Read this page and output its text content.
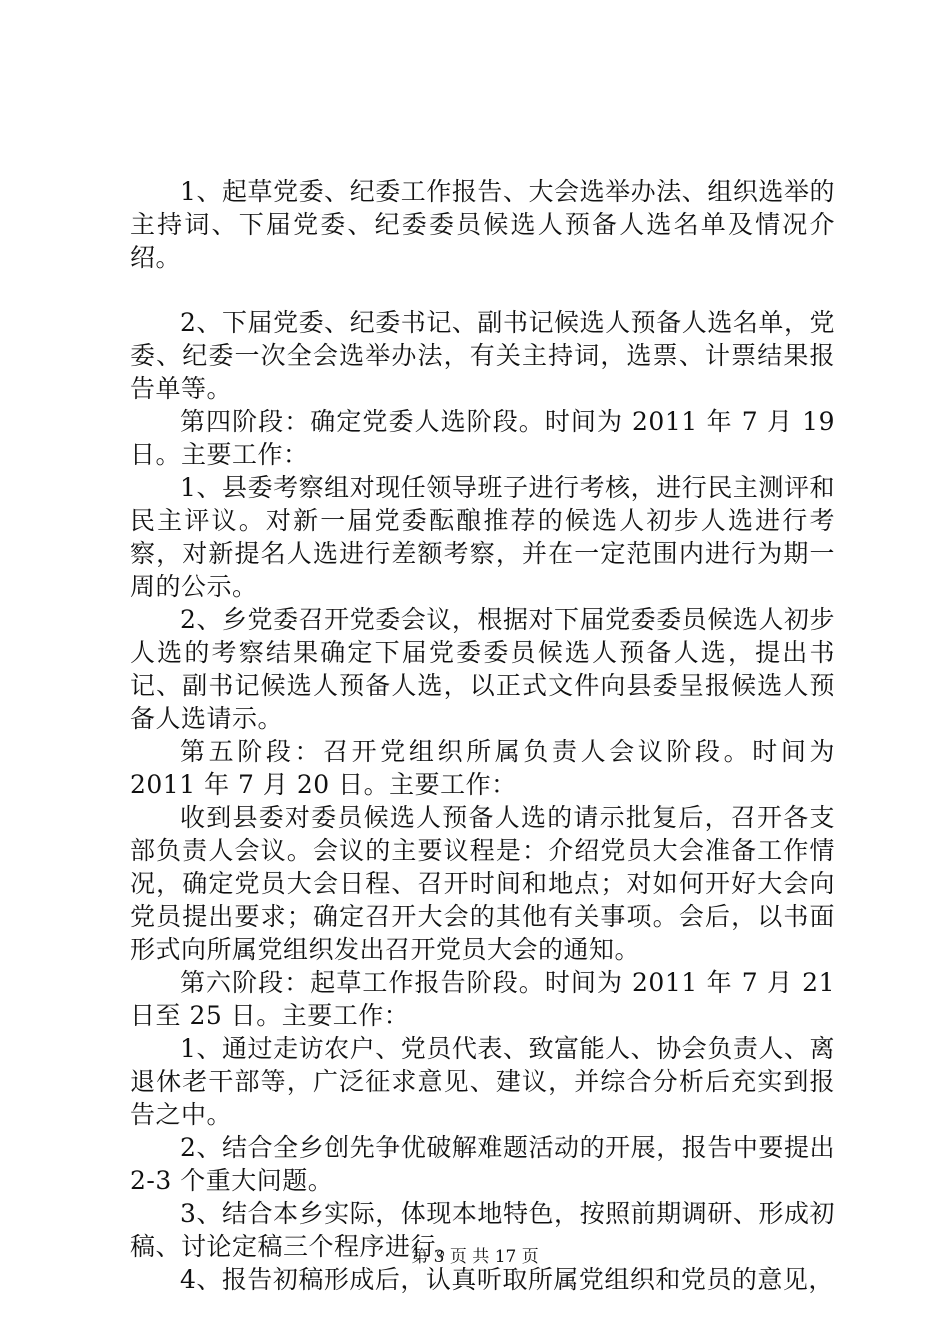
1、起草党委、纪委工作报告、大会选举办法、组织选举的主持词、下届党委、纪委委员候选人预备人选名单及情况介绍。

2、下届党委、纪委书记、副书记候选人预备人选名单，党委、纪委一次全会选举办法，有关主持词，选票、计票结果报告单等。

第四阶段：确定党委人选阶段。时间为 2011 年 7 月 19 日。主要工作：

1、县委考察组对现任领导班子进行考核，进行民主测评和民主评议。对新一届党委酝酿推荐的候选人初步人选进行考察，对新提名人选进行差额考察，并在一定范围内进行为期一周的公示。

2、乡党委召开党委会议，根据对下届党委委员候选人初步人选的考察结果确定下届党委委员候选人预备人选，提出书记、副书记候选人预备人选，以正式文件向县委呈报候选人预备人选请示。

第五阶段：召开党组织所属负责人会议阶段。时间为 2011 年 7 月 20 日。主要工作：

收到县委对委员候选人预备人选的请示批复后，召开各支部负责人会议。会议的主要议程是：介绍党员大会准备工作情况，确定党员大会日程、召开时间和地点；对如何开好大会向党员提出要求；确定召开大会的其他有关事项。会后，以书面形式向所属党组织发出召开党员大会的通知。

第六阶段：起草工作报告阶段。时间为 2011 年 7 月 21 日至 25 日。主要工作：

1、通过走访农户、党员代表、致富能人、协会负责人、离退休老干部等，广泛征求意见、建议，并综合分析后充实到报告之中。

2、结合全乡创先争优破解难题活动的开展，报告中要提出 2-3 个重大问题。

3、结合本乡实际，体现本地特色，按照前期调研、形成初稿、讨论定稿三个程序进行。

4、报告初稿形成后，认真听取所属党组织和党员的意见，

第 3 页 共 17 页
